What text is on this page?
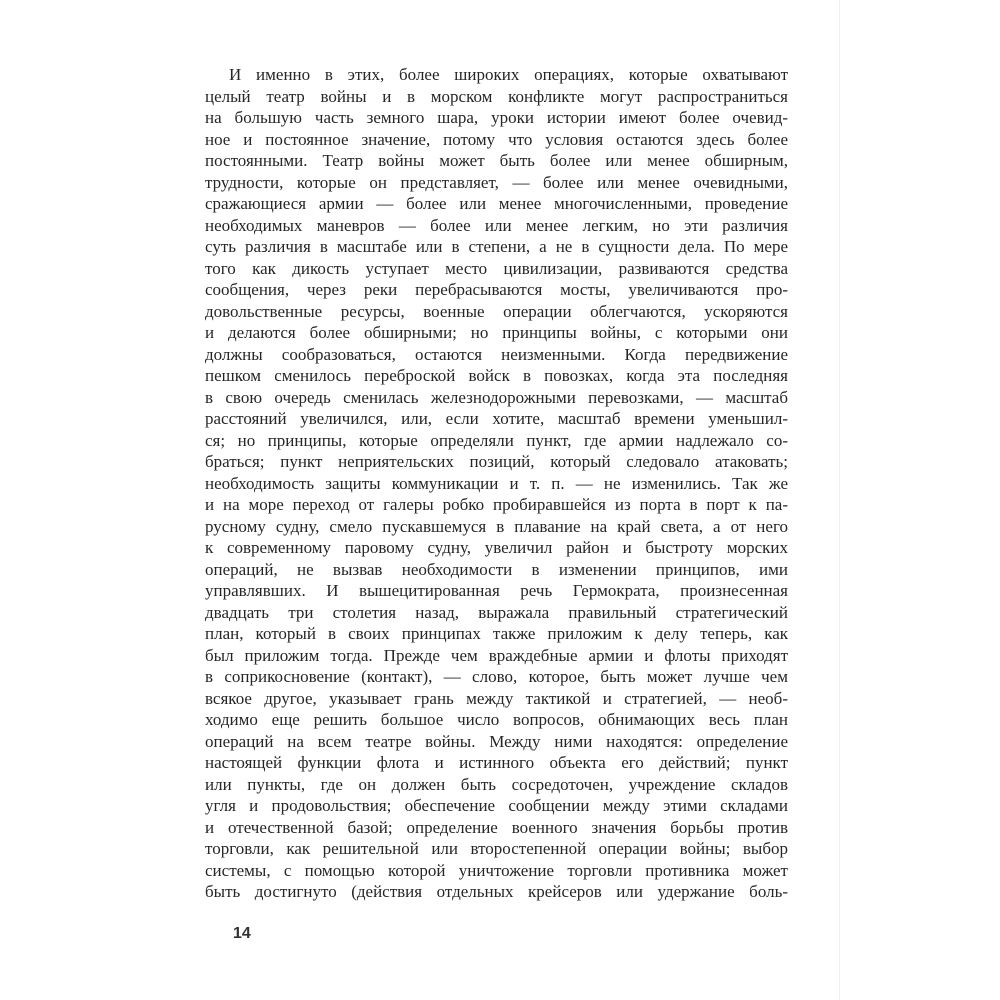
И именно в этих, более широких операциях, которые охватывают
целый театр войны и в морском конфликте могут распространиться
на большую часть земного шара, уроки истории имеют более очевид-
ное и постоянное значение, потому что условия остаются здесь более
постоянными. Театр войны может быть более или менее обширным,
трудности, которые он представляет, — более или менее очевидными,
сражающиеся армии — более или менее многочисленными, проведение
необходимых маневров — более или менее легким, но эти различия
суть различия в масштабе или в степени, а не в сущности дела. По мере
того как дикость уступает место цивилизации, развиваются средства
сообщения, через реки перебрасываются мосты, увеличиваются про-
довольственные ресурсы, военные операции облегчаются, ускоряются
и делаются более обширными; но принципы войны, с которыми они
должны сообразоваться, остаются неизменными. Когда передвижение
пешком сменилось переброской войск в повозках, когда эта последняя
в свою очередь сменилась железнодорожными перевозками, — масштаб
расстояний увеличился, или, если хотите, масштаб времени уменьшил-
ся; но принципы, которые определяли пункт, где армии надлежало со-
браться; пункт неприятельских позиций, который следовало атаковать;
необходимость защиты коммуникации и т. п. — не изменились. Так же
и на море переход от галеры робко пробиравшейся из порта в порт к па-
русному судну, смело пускавшемуся в плавание на край света, а от него
к современному паровому судну, увеличил район и быстроту морских
операций, не вызвав необходимости в изменении принципов, ими
управлявших. И вышецитированная речь Гермократа, произнесенная
двадцать три столетия назад, выражала правильный стратегический
план, который в своих принципах также приложим к делу теперь, как
был приложим тогда. Прежде чем враждебные армии и флоты приходят
в соприкосновение (контакт), — слово, которое, быть может лучше чем
всякое другое, указывает грань между тактикой и стратегией, — необ-
ходимо еще решить большое число вопросов, обнимающих весь план
операций на всем театре войны. Между ними находятся: определение
настоящей функции флота и истинного объекта его действий; пункт
или пункты, где он должен быть сосредоточен, учреждение складов
угля и продовольствия; обеспечение сообщении между этими складами
и отечественной базой; определение военного значения борьбы против
торговли, как решительной или второстепенной операции войны; выбор
системы, с помощью которой уничтожение торговли противника может
быть достигнуто (действия отдельных крейсеров или удержание боль-
14
